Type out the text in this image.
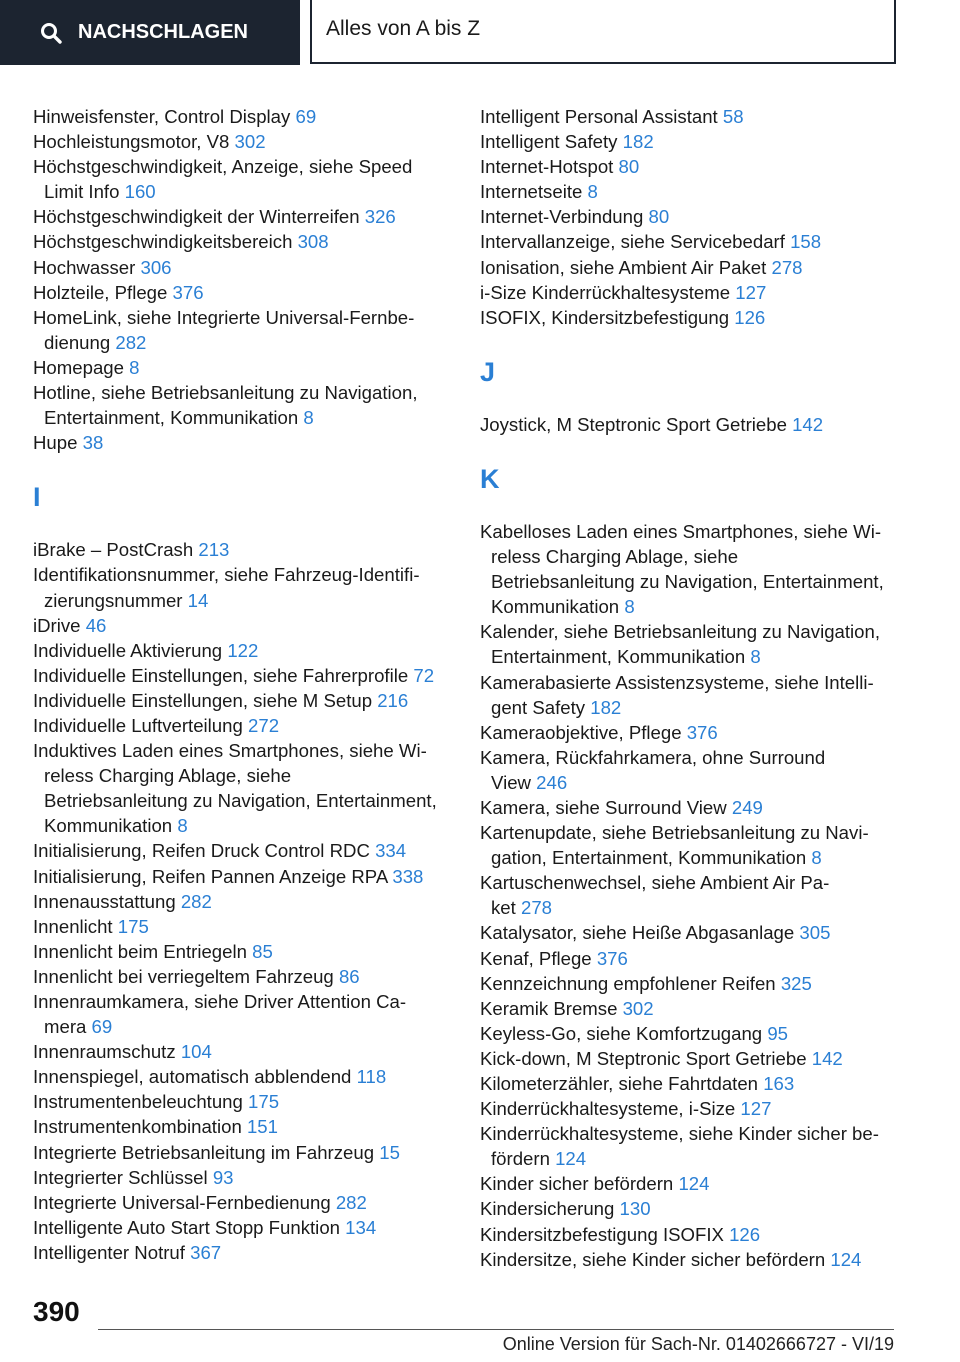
NACHSCHLAGEN	Alles von A bis Z
Hinweisfenster, Control Display 69
Hochleistungsmotor, V8 302
Höchstgeschwindigkeit, Anzeige, siehe Speed
Limit Info 160
Höchstgeschwindigkeit der Winterreifen 326
Höchstgeschwindigkeitsbereich 308
Hochwasser 306
Holzteile, Pflege 376
HomeLink, siehe Integrierte Universal-Fernbe-
dienung 282
Homepage 8
Hotline, siehe Betriebsanleitung zu Navigation,
Entertainment, Kommunikation 8
Hupe 38
I
iBrake – PostCrash 213
Identifikationsnummer, siehe Fahrzeug-Identifi-
zierungsnummer 14
iDrive 46
Individuelle Aktivierung 122
Individuelle Einstellungen, siehe Fahrerprofile 72
Individuelle Einstellungen, siehe M Setup 216
Individuelle Luftverteilung 272
Induktives Laden eines Smartphones, siehe Wi-
reless Charging Ablage, siehe
Betriebsanleitung zu Navigation, Entertainment,
Kommunikation 8
Initialisierung, Reifen Druck Control RDC 334
Initialisierung, Reifen Pannen Anzeige RPA 338
Innenausstattung 282
Innenlicht 175
Innenlicht beim Entriegeln 85
Innenlicht bei verriegeltem Fahrzeug 86
Innenraumkamera, siehe Driver Attention Ca-
mera 69
Innenraumschutz 104
Innenspiegel, automatisch abblendend 118
Instrumentenbeleuchtung 175
Instrumentenkombination 151
Integrierte Betriebsanleitung im Fahrzeug 15
Integrierter Schlüssel 93
Integrierte Universal-Fernbedienung 282
Intelligente Auto Start Stopp Funktion 134
Intelligenter Notruf 367
Intelligent Personal Assistant 58
Intelligent Safety 182
Internet-Hotspot 80
Internetseite 8
Internet-Verbindung 80
Intervallanzeige, siehe Servicebedarf 158
Ionisation, siehe Ambient Air Paket 278
i-Size Kinderrückhaltesysteme 127
ISOFIX, Kindersitzbefestigung 126
J
Joystick, M Steptronic Sport Getriebe 142
K
Kabelloses Laden eines Smartphones, siehe Wi-
reless Charging Ablage, siehe
Betriebsanleitung zu Navigation, Entertainment,
Kommunikation 8
Kalender, siehe Betriebsanleitung zu Navigation,
Entertainment, Kommunikation 8
Kamerabasierte Assistenzsysteme, siehe Intelli-
gent Safety 182
Kameraobjektive, Pflege 376
Kamera, Rückfahrkamera, ohne Surround
View 246
Kamera, siehe Surround View 249
Kartenupdate, siehe Betriebsanleitung zu Navi-
gation, Entertainment, Kommunikation 8
Kartuschenwechsel, siehe Ambient Air Pa-
ket 278
Katalysator, siehe Heiße Abgasanlage 305
Kenaf, Pflege 376
Kennzeichnung empfohlener Reifen 325
Keramik Bremse 302
Keyless-Go, siehe Komfortzugang 95
Kick-down, M Steptronic Sport Getriebe 142
Kilometerzähler, siehe Fahrtdaten 163
Kinderrückhaltesysteme, i-Size 127
Kinderrückhaltesysteme, siehe Kinder sicher be-
fördern 124
Kinder sicher befördern 124
Kindersicherung 130
Kindersitzbefestigung ISOFIX 126
Kindersitze, siehe Kinder sicher befördern 124
390
Online Version für Sach-Nr. 01402666727 - VI/19
